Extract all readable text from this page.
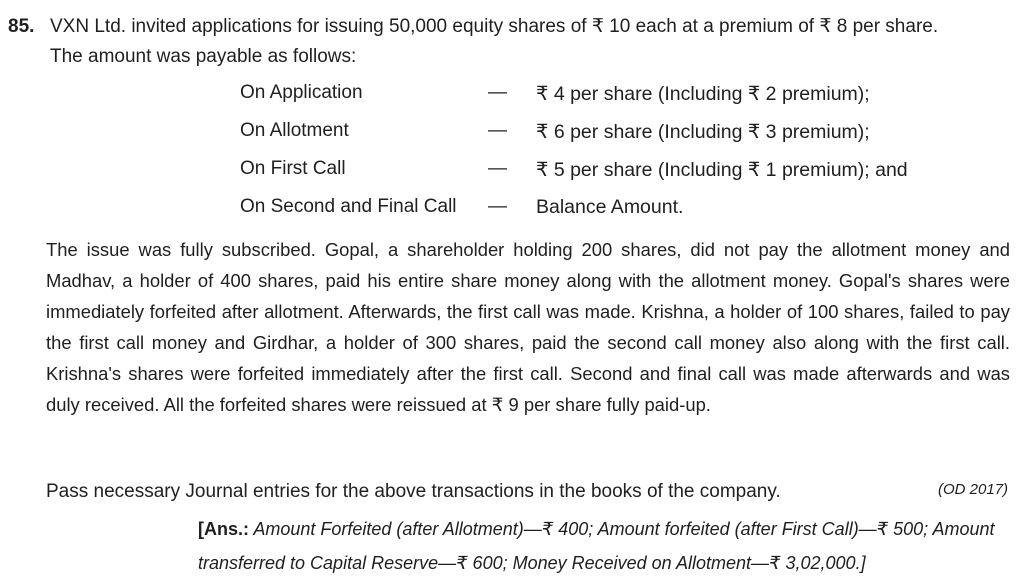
85. VXN Ltd. invited applications for issuing 50,000 equity shares of ₹ 10 each at a premium of ₹ 8 per share.
The amount was payable as follows:
On Application	— ₹ 4 per share (Including ₹ 2 premium);
On Allotment	— ₹ 6 per share (Including ₹ 3 premium);
On First Call	— ₹ 5 per share (Including ₹ 1 premium); and
On Second and Final Call — Balance Amount.
The issue was fully subscribed. Gopal, a shareholder holding 200 shares, did not pay the allotment money and Madhav, a holder of 400 shares, paid his entire share money along with the allotment money. Gopal's shares were immediately forfeited after allotment. Afterwards, the first call was made. Krishna, a holder of 100 shares, failed to pay the first call money and Girdhar, a holder of 300 shares, paid the second call money also along with the first call. Krishna's shares were forfeited immediately after the first call. Second and final call was made afterwards and was duly received. All the forfeited shares were reissued at ₹ 9 per share fully paid-up.
Pass necessary Journal entries for the above transactions in the books of the company.	(OD 2017)
[Ans.: Amount Forfeited (after Allotment)—₹ 400; Amount forfeited (after First Call)—₹ 500; Amount transferred to Capital Reserve—₹ 600; Money Received on Allotment—₹ 3,02,000.]
